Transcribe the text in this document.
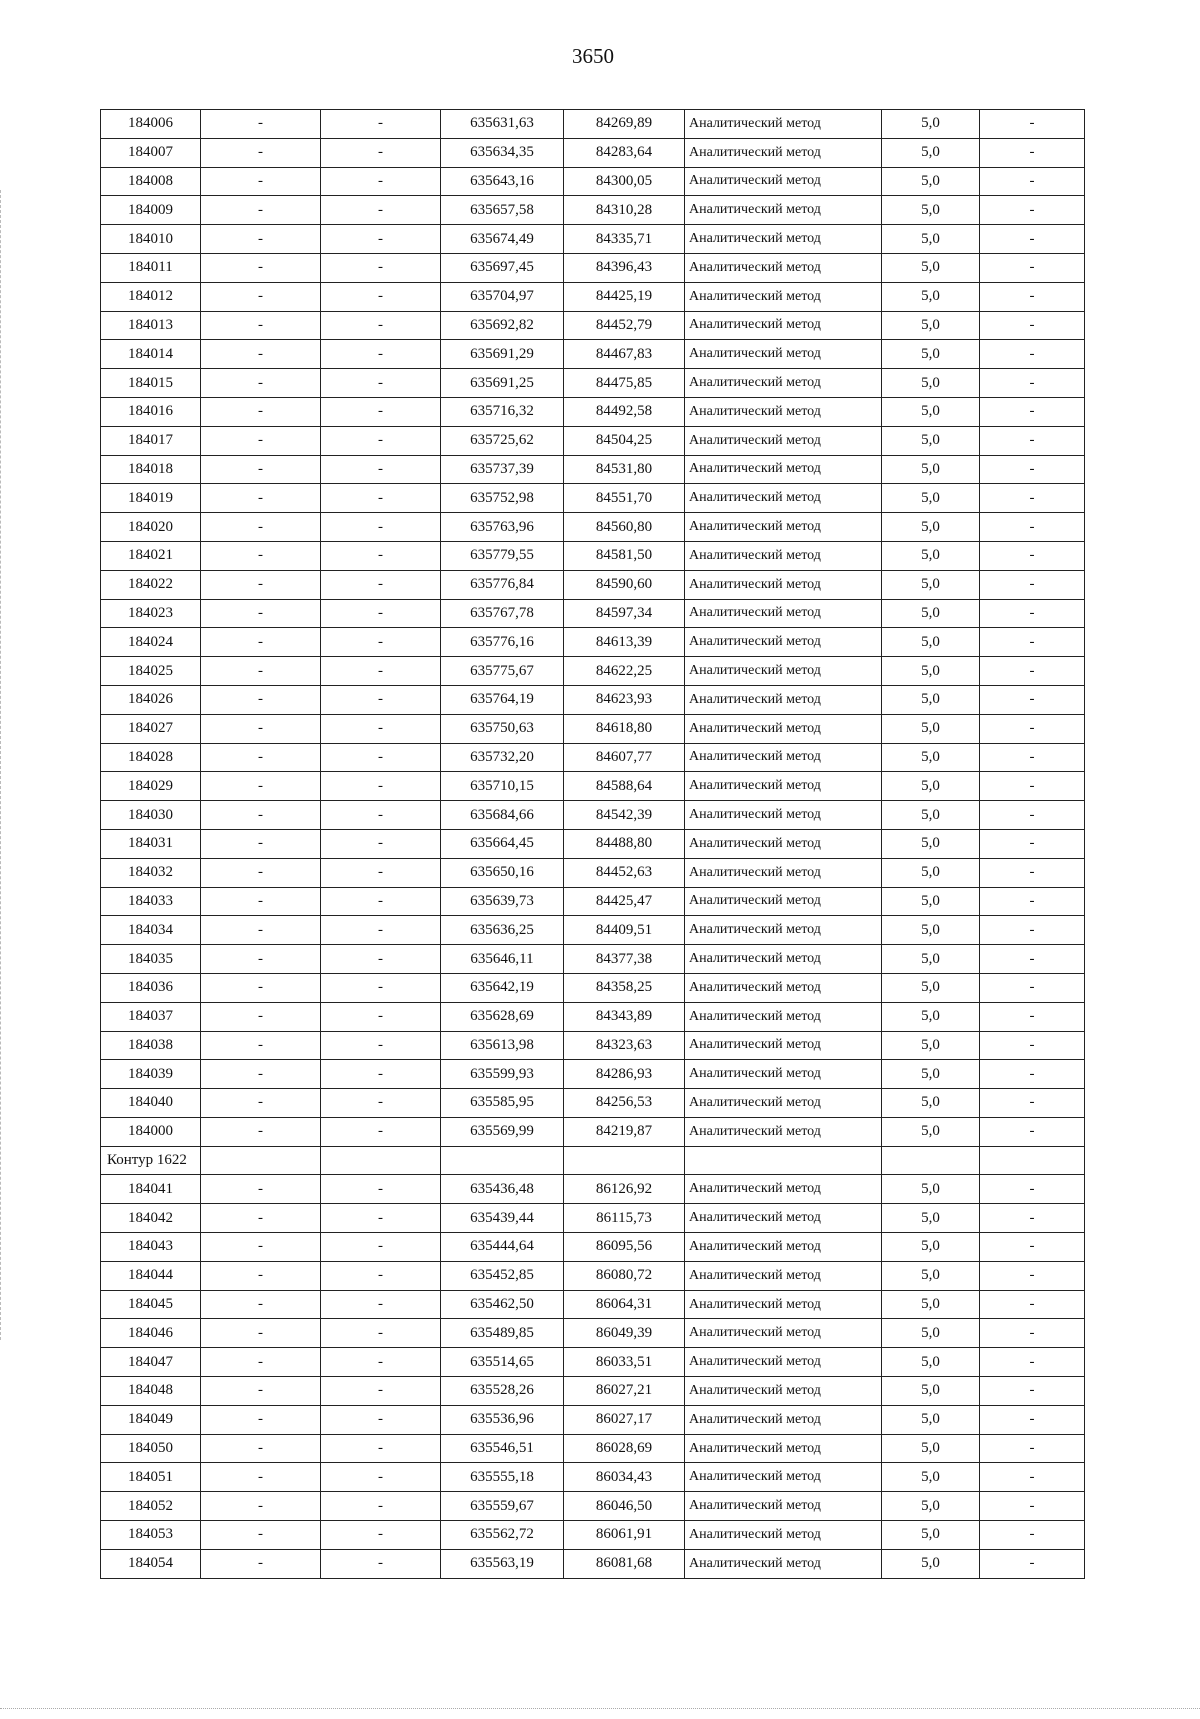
3650
184006	-	-	635631,63	84269,89	Аналитический метод	5,0	-
184007	-	-	635634,35	84283,64	Аналитический метод	5,0	-
184008	-	-	635643,16	84300,05	Аналитический метод	5,0	-
184009	-	-	635657,58	84310,28	Аналитический метод	5,0	-
184010	-	-	635674,49	84335,71	Аналитический метод	5,0	-
184011	-	-	635697,45	84396,43	Аналитический метод	5,0	-
184012	-	-	635704,97	84425,19	Аналитический метод	5,0	-
184013	-	-	635692,82	84452,79	Аналитический метод	5,0	-
184014	-	-	635691,29	84467,83	Аналитический метод	5,0	-
184015	-	-	635691,25	84475,85	Аналитический метод	5,0	-
184016	-	-	635716,32	84492,58	Аналитический метод	5,0	-
184017	-	-	635725,62	84504,25	Аналитический метод	5,0	-
184018	-	-	635737,39	84531,80	Аналитический метод	5,0	-
184019	-	-	635752,98	84551,70	Аналитический метод	5,0	-
184020	-	-	635763,96	84560,80	Аналитический метод	5,0	-
184021	-	-	635779,55	84581,50	Аналитический метод	5,0	-
184022	-	-	635776,84	84590,60	Аналитический метод	5,0	-
184023	-	-	635767,78	84597,34	Аналитический метод	5,0	-
184024	-	-	635776,16	84613,39	Аналитический метод	5,0	-
184025	-	-	635775,67	84622,25	Аналитический метод	5,0	-
184026	-	-	635764,19	84623,93	Аналитический метод	5,0	-
184027	-	-	635750,63	84618,80	Аналитический метод	5,0	-
184028	-	-	635732,20	84607,77	Аналитический метод	5,0	-
184029	-	-	635710,15	84588,64	Аналитический метод	5,0	-
184030	-	-	635684,66	84542,39	Аналитический метод	5,0	-
184031	-	-	635664,45	84488,80	Аналитический метод	5,0	-
184032	-	-	635650,16	84452,63	Аналитический метод	5,0	-
184033	-	-	635639,73	84425,47	Аналитический метод	5,0	-
184034	-	-	635636,25	84409,51	Аналитический метод	5,0	-
184035	-	-	635646,11	84377,38	Аналитический метод	5,0	-
184036	-	-	635642,19	84358,25	Аналитический метод	5,0	-
184037	-	-	635628,69	84343,89	Аналитический метод	5,0	-
184038	-	-	635613,98	84323,63	Аналитический метод	5,0	-
184039	-	-	635599,93	84286,93	Аналитический метод	5,0	-
184040	-	-	635585,95	84256,53	Аналитический метод	5,0	-
184000	-	-	635569,99	84219,87	Аналитический метод	5,0	-
Контур 1622							
184041	-	-	635436,48	86126,92	Аналитический метод	5,0	-
184042	-	-	635439,44	86115,73	Аналитический метод	5,0	-
184043	-	-	635444,64	86095,56	Аналитический метод	5,0	-
184044	-	-	635452,85	86080,72	Аналитический метод	5,0	-
184045	-	-	635462,50	86064,31	Аналитический метод	5,0	-
184046	-	-	635489,85	86049,39	Аналитический метод	5,0	-
184047	-	-	635514,65	86033,51	Аналитический метод	5,0	-
184048	-	-	635528,26	86027,21	Аналитический метод	5,0	-
184049	-	-	635536,96	86027,17	Аналитический метод	5,0	-
184050	-	-	635546,51	86028,69	Аналитический метод	5,0	-
184051	-	-	635555,18	86034,43	Аналитический метод	5,0	-
184052	-	-	635559,67	86046,50	Аналитический метод	5,0	-
184053	-	-	635562,72	86061,91	Аналитический метод	5,0	-
184054	-	-	635563,19	86081,68	Аналитический метод	5,0	-
